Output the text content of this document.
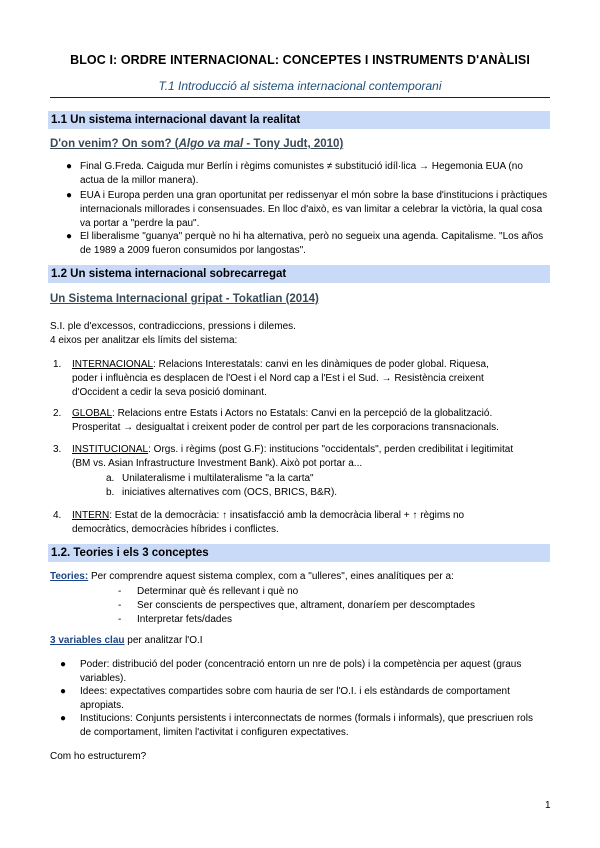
BLOC I: ORDRE INTERNACIONAL: CONCEPTES I INSTRUMENTS D'ANÀLISI
T.1 Introducció al sistema internacional contemporani
1.1 Un sistema internacional davant la realitat
D'on venim? On som? (Algo va mal - Tony Judt, 2010)
● Final G.Freda. Caiguda mur Berlín i règims comunistes ≠ substitució idíl·lica → Hegemonia EUA (no
actua de la millor manera).
● EUA i Europa perden una gran oportunitat per redissenyar el món sobre la base d'institucions i pràctiques
internacionals millorades i consensuades. En lloc d'això, es van limitar a celebrar la victòria, la qual cosa
va portar a "perdre la pau".
● El liberalisme "guanya" perquè no hi ha alternativa, però no segueix una agenda. Capitalisme. "Los años
de 1989 a 2009 fueron consumidos por langostas".
1.2 Un sistema internacional sobrecarregat
Un Sistema Internacional gripat - Tokatlian (2014)
S.I. ple d'excessos, contradiccions, pressions i dilemes.
4 eixos per analitzar els límits del sistema:
1. INTERNACIONAL: Relacions Interestatals: canvi en les dinàmiques de poder global. Riquesa,
poder i influència es desplacen de l'Oest i el Nord cap a l'Est i el Sud. → Resistència creixent
d'Occident a cedir la seva posició dominant.
2. GLOBAL: Relacions entre Estats i Actors no Estatals: Canvi en la percepció de la globalització.
Prosperitat → desigualtat i creixent poder de control per part de les corporacions transnacionals.
3. INSTITUCIONAL: Orgs. i règims (post G.F): institucions "occidentals", perden credibilitat i legitimitat
(BM vs. Asian Infrastructure Investment Bank). Això pot portar a...
a. Unilateralisme i multilateralisme "a la carta"
b. iniciatives alternatives com (OCS, BRICS, B&R).
4. INTERN: Estat de la democràcia: ↑ insatisfacció amb la democràcia liberal + ↑ règims no
democràtics, democràcies híbrides i conflictes.
1.2. Teories i els 3 conceptes
Teories: Per comprendre aquest sistema complex, com a "ulleres", eines analítiques per a:
- Determinar què és rellevant i què no
- Ser conscients de perspectives que, altrament, donaríem per descomptades
- Interpretar fets/dades
3 variables clau per analitzar l'O.I
● Poder: distribució del poder (concentració entorn un nre de pols) i la competència per aquest (graus
variables).
● Idees: expectatives compartides sobre com hauria de ser l'O.I. i els estàndards de comportament
apropiats.
● Institucions: Conjunts persistents i interconnectats de normes (formals i informals), que prescriuen rols
de comportament, limiten l'activitat i configuren expectatives.
Com ho estructurem?
1
